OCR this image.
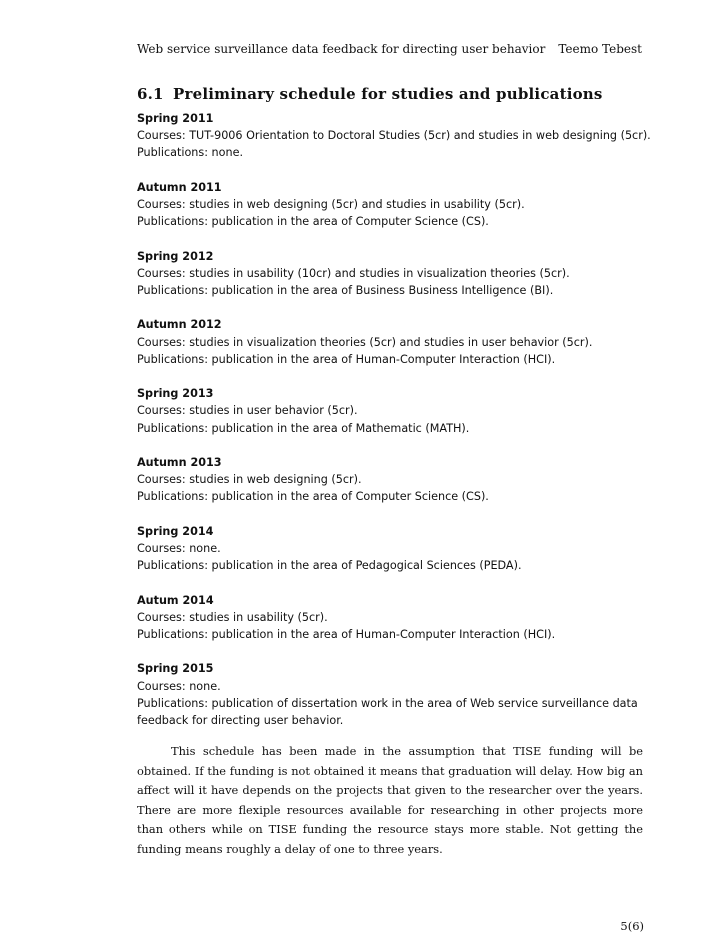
Web service surveillance data feedback for directing user behavior Teemo Tebest
6.1 Preliminary schedule for studies and publications
Spring 2011
Courses: TUT-9006 Orientation to Doctoral Studies (5cr) and studies in web designing (5cr).
Publications: none.
Autumn 2011
Courses: studies in web designing (5cr) and studies in usability (5cr).
Publications: publication in the area of Computer Science (CS).
Spring 2012
Courses: studies in usability (10cr) and studies in visualization theories (5cr).
Publications: publication in the area of Business Business Intelligence (BI).
Autumn 2012
Courses: studies in visualization theories (5cr) and studies in user behavior (5cr).
Publications: publication in the area of Human-Computer Interaction (HCI).
Spring 2013
Courses: studies in user behavior (5cr).
Publications: publication in the area of Mathematic (MATH).
Autumn 2013
Courses: studies in web designing (5cr).
Publications: publication in the area of Computer Science (CS).
Spring 2014
Courses: none.
Publications: publication in the area of Pedagogical Sciences (PEDA).
Autum 2014
Courses: studies in usability (5cr).
Publications: publication in the area of Human-Computer Interaction (HCI).
Spring 2015
Courses: none.
Publications: publication of dissertation work in the area of Web service surveillance data feedback for directing user behavior.

This schedule has been made in the assumption that TISE funding will be obtained. If the funding is not obtained it means that graduation will delay. How big an affect will it have depends on the projects that given to the researcher over the years. There are more flexiple resources available for researching in other projects more than others while on TISE funding the resource stays more stable. Not getting the funding means roughly a delay of one to three years.

5(6)
